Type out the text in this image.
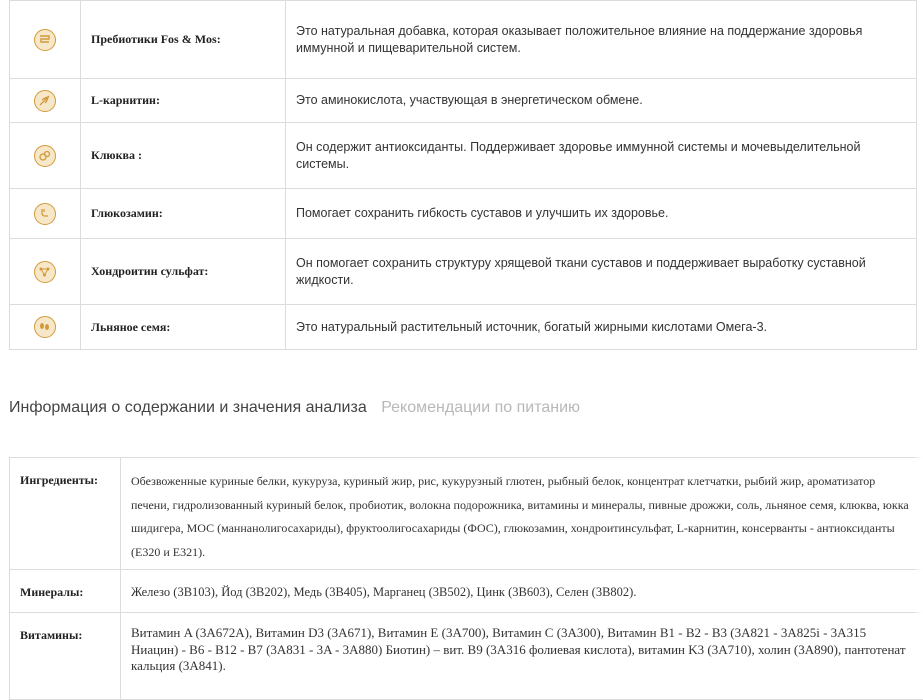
	Пребиотики Fos & Mos:	Это натуральная добавка, которая оказывает положительное влияние на поддержание здоровья иммунной и пищеварительной систем.

	L-карнитин:	Это аминокислота, участвующая в энергетическом обмене.

	Клюква :	Он содержит антиоксиданты. Поддерживает здоровье иммунной системы и мочевыделительной системы.

	Глюкозамин:	Помогает сохранить гибкость суставов и улучшить их здоровье.

	Хондроитин сульфат:	Он помогает сохранить структуру хрящевой ткани суставов и поддерживает выработку суставной жидкости.

	Льняное семя:	Это натуральный растительный источник, богатый жирными кислотами Омега-3.
Информация о содержании и значения анализа Рекомендации по питанию
Ингредиенты:	Обезвоженные куриные белки, кукуруза, куриный жир, рис, кукурузный глютен, рыбный белок, концентрат клетчатки, рыбий жир, ароматизатор печени, гидролизованный куриный белок, пробиотик, волокна подорожника, витамины и минералы, пивные дрожжи, соль, льняное семя, клюква, юкка шидигера, МОС (маннанолигосахариды), фруктоолигосахариды (ФОС), глюкозамин, хондроитинсульфат, L-карнитин, консерванты - антиоксиданты (E320 и E321).
Минералы:	Железо (3B103), Йод (3B202), Медь (3B405), Марганец (3B502), Цинк (3B603), Селен (3B802).
Витамины:	Витамин A (3A672A), Витамин D3 (3A671), Витамин E (3A700), Витамин C (3A300), Витамин B1 - B2 - B3 (3A821 - 3A825i - 3A315 Ниацин) - B6 - B12 - B7 (3A831 - 3A - 3A880) Биотин) – вит. B9 (3A316 фолиевая кислота), витамин K3 (3A710), холин (3A890), пантотенат кальция (3A841).
